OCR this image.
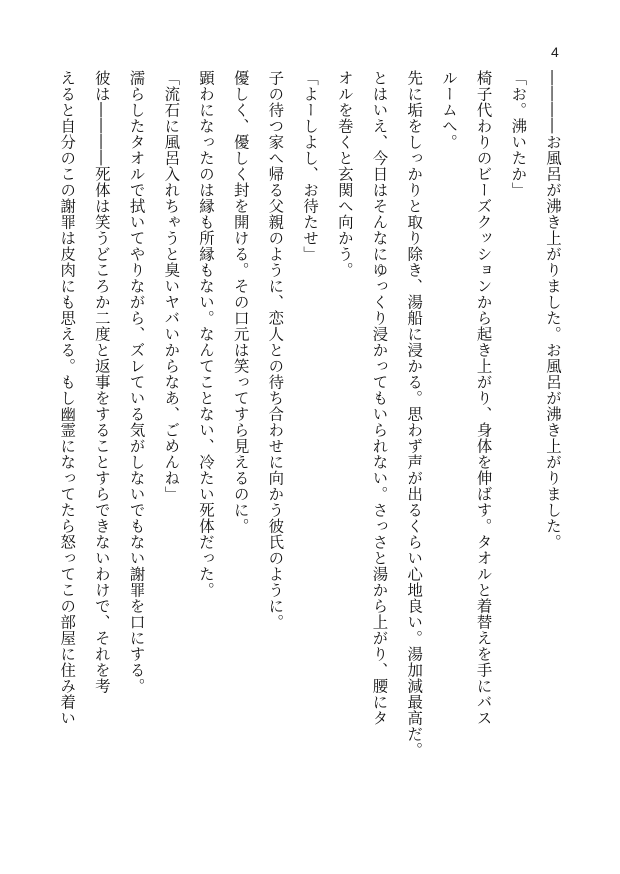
4

――――お風呂が沸き上がりました。お風呂が沸き上がりました。

「お。沸いたか」

椅子代わりのビーズクッションから起き上がり、身体を伸ばす。タオルと着替えを手にバス

ルームへ。

先に垢をしっかりと取り除き、湯船に浸かる。思わず声が出るくらい心地良い。湯加減最高だ。

とはいえ、今日はそんなにゆっくり浸かってもいられない。さっさと湯から上がり、腰にタ

オルを巻くと玄関へ向かう。

「よーしよし、お待たせ」

子の待つ家へ帰る父親のように、恋人との待ち合わせに向かう彼氏のように。

優しく、優しく封を開ける。その口元は笑ってすら見えるのに。

顕わになったのは縁も所縁もない。なんてことない、冷たい死体だった。

「流石に風呂入れちゃうと臭いヤバいからなあ、ごめんね」

濡らしたタオルで拭いてやりながら、ズレている気がしないでもない謝罪を口にする。

彼は――――死体は笑うどころか二度と返事をすることすらできないわけで、それを考

えると自分のこの謝罪は皮肉にも思える。もし幽霊になってたら怒ってこの部屋に住み着い
